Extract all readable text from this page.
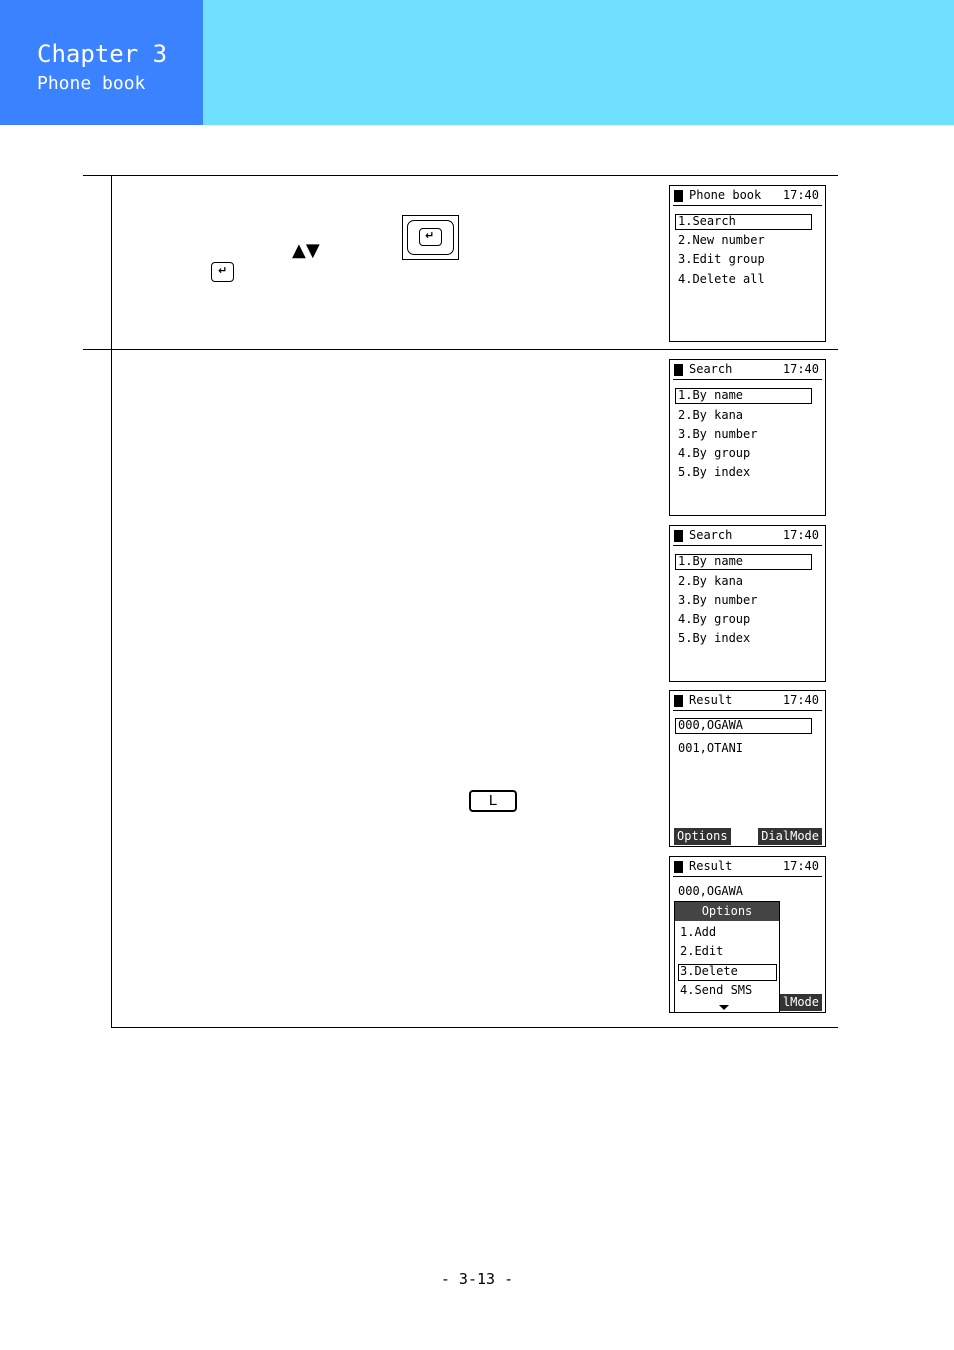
Chapter 3
Phone book
↵
▲▼
↵
L
Phone book 17:40
1.Search
2.New number
3.Edit group
4.Delete all
Search	17:40
1.By name
2.By kana
3.By number
4.By group
5.By index
Search	17:40
1.By name
2.By kana
3.By number
4.By group
5.By index
Result	17:40
000,OGAWA
001,OTANI
Options	DialMode
Result	17:40
000,OGAWA
lMode
Options
1.Add
2.Edit
3.Delete
4.Send SMS
- 3-13 -
